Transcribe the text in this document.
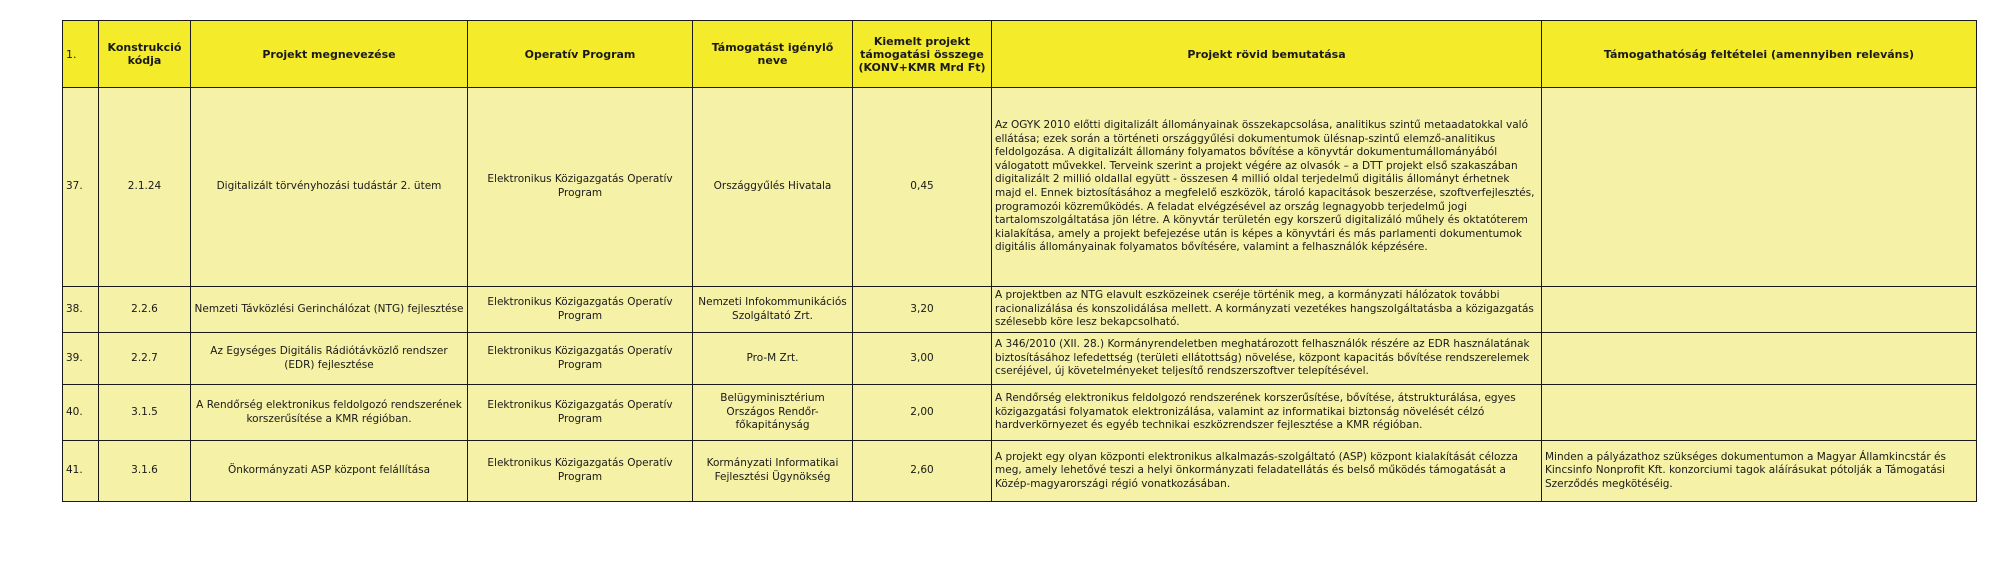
1.	Konstrukció kódja	Projekt megnevezése	Operatív Program	Támogatást igénylő neve	Kiemelt projekt támogatási összege (KONV+KMR Mrd Ft)	Projekt rövid bemutatása	Támogathatóság feltételei (amennyiben releváns)
37.	2.1.24	Digitalizált törvényhozási tudástár 2. ütem	Elektronikus Közigazgatás Operatív Program	Országgyűlés Hivatala	0,45	Az OGYK 2010 előtti digitalizált állományainak összekapcsolása, analitikus szintű metaadatokkal való ellátása; ezek során a történeti országgyűlési dokumentumok ülésnap-szintű elemző-analitikus feldolgozása. A digitalizált állomány folyamatos bővítése a könyvtár dokumentumállományából válogatott művekkel. Terveink szerint a projekt végére az olvasók – a DTT projekt első szakaszában digitalizált 2 millió oldallal együtt - összesen 4 millió oldal terjedelmű digitális állományt érhetnek majd el. Ennek biztosításához a megfelelő eszközök, tároló kapacitások beszerzése, szoftverfejlesztés, programozói közreműködés. A feladat elvégzésével az ország legnagyobb terjedelmű jogi tartalomszolgáltatása jön létre. A könyvtár területén egy korszerű digitalizáló műhely és oktatóterem kialakítása, amely a projekt befejezése után is képes a könyvtári és más parlamenti dokumentumok digitális állományainak folyamatos bővítésére, valamint a felhasználók képzésére.	
38.	2.2.6	Nemzeti Távközlési Gerinchálózat (NTG) fejlesztése	Elektronikus Közigazgatás Operatív Program	Nemzeti Infokommunikációs Szolgáltató Zrt.	3,20	A projektben az NTG elavult eszközeinek cseréje történik meg, a kormányzati hálózatok további racionalizálása és konszolidálása mellett. A kormányzati vezetékes hangszolgáltatásba a közigazgatás szélesebb köre lesz bekapcsolható.	
39.	2.2.7	Az Egységes Digitális Rádiótávközlő rendszer (EDR) fejlesztése	Elektronikus Közigazgatás Operatív Program	Pro-M Zrt.	3,00	A 346/2010 (XII. 28.) Kormányrendeletben meghatározott felhasználók részére az EDR használatának biztosításához lefedettség (területi ellátottság) növelése, központ kapacitás bővítése rendszerelemek cseréjével, új követelményeket teljesítő rendszerszoftver telepítésével.	
40.	3.1.5	A Rendőrség elektronikus feldolgozó rendszerének korszerűsítése a KMR régióban.	Elektronikus Közigazgatás Operatív Program	Belügyminisztérium Országos Rendőr-főkapitányság	2,00	A Rendőrség elektronikus feldolgozó rendszerének korszerűsítése, bővítése, átstrukturálása, egyes közigazgatási folyamatok elektronizálása, valamint az informatikai biztonság növelését célzó hardverkörnyezet és egyéb technikai eszközrendszer fejlesztése a KMR régióban.	
41.	3.1.6	Önkormányzati ASP központ felállítása	Elektronikus Közigazgatás Operatív Program	Kormányzati Informatikai Fejlesztési Ügynökség	2,60	A projekt egy olyan központi elektronikus alkalmazás-szolgáltató (ASP) központ kialakítását célozza meg, amely lehetővé teszi a helyi önkormányzati feladatellátás és belső működés támogatását a Közép-magyarországi régió vonatkozásában.	Minden a pályázathoz szükséges dokumentumon a Magyar Államkincstár és Kincsinfo Nonprofit Kft. konzorciumi tagok aláírásukat pótolják a Támogatási Szerződés megkötéséig.
